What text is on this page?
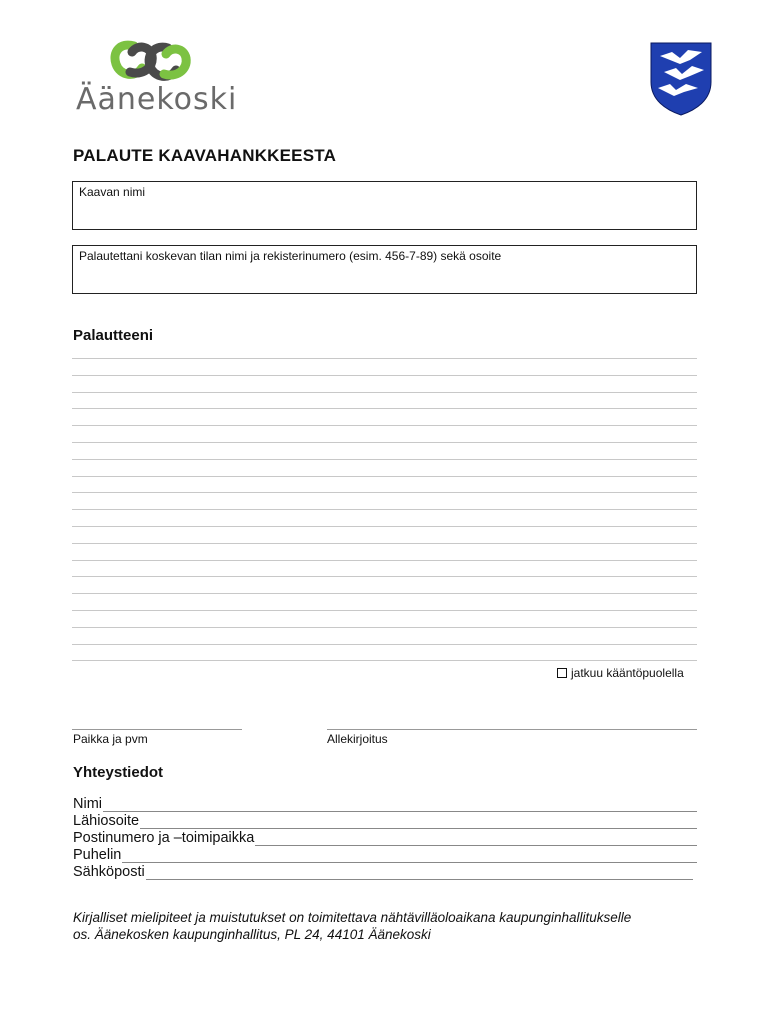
Äänekoski
PALAUTE KAAVAHANKKEESTA
Kaavan nimi
Palautettani koskevan tilan nimi ja rekisterinumero (esim. 456-7-89) sekä osoite
Palautteeni
jatkuu kääntöpuolella
Paikka ja pvm	Allekirjoitus
Yhteystiedot
Nimi
Lähiosoite
Postinumero ja –toimipaikka
Puhelin
Sähköposti
Kirjalliset mielipiteet ja muistutukset on toimitettava nähtävilläoloaikana kaupunginhallitukselle
os. Äänekosken kaupunginhallitus, PL 24, 44101 Äänekoski
